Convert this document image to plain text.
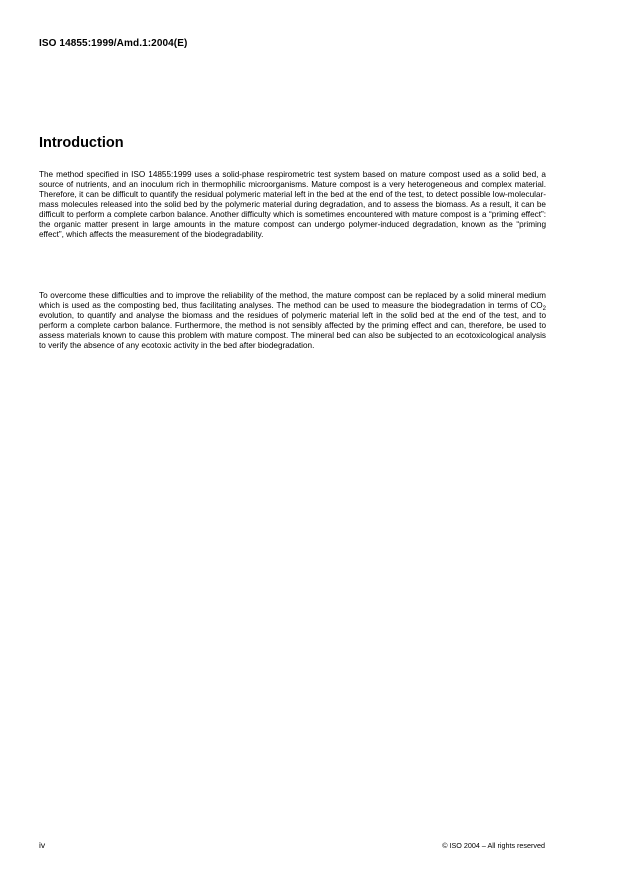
ISO 14855:1999/Amd.1:2004(E)
Introduction

The method specified in ISO 14855:1999 uses a solid-phase respirometric test system based on mature compost used as a solid bed, a source of nutrients, and an inoculum rich in thermophilic microorganisms. Mature compost is a very heterogeneous and complex material. Therefore, it can be difficult to quantify the residual polymeric material left in the bed at the end of the test, to detect possible low-molecular-mass molecules released into the solid bed by the polymeric material during degradation, and to assess the biomass. As a result, it can be difficult to perform a complete carbon balance. Another difficulty which is sometimes encountered with mature compost is a “priming effect”: the organic matter present in large amounts in the mature compost can undergo polymer-induced degradation, known as the “priming effect”, which affects the measurement of the biodegradability.

To overcome these difficulties and to improve the reliability of the method, the mature compost can be replaced by a solid mineral medium which is used as the composting bed, thus facilitating analyses. The method can be used to measure the biodegradation in terms of $CO_2$ evolution, to quantify and analyse the biomass and the residues of polymeric material left in the solid bed at the end of the test, and to perform a complete carbon balance. Furthermore, the method is not sensibly affected by the priming effect and can, therefore, be used to assess materials known to cause this problem with mature compost. The mineral bed can also be subjected to an ecotoxicological analysis to verify the absence of any ecotoxic activity in the bed after biodegradation.

iv	© ISO 2004 – All rights reserved
